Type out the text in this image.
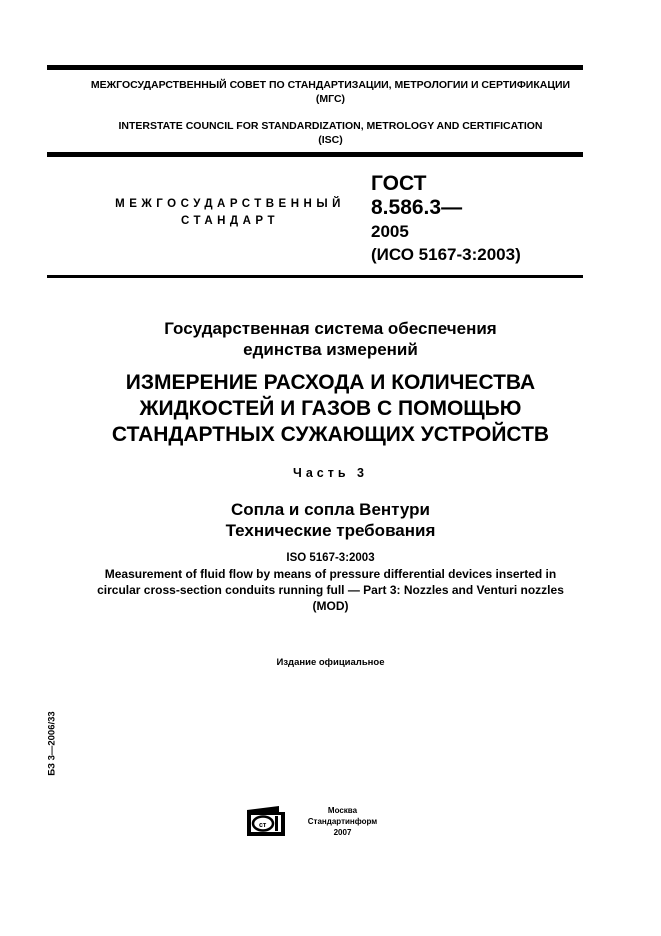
МЕЖГОСУДАРСТВЕННЫЙ СОВЕТ ПО СТАНДАРТИЗАЦИИ, МЕТРОЛОГИИ И СЕРТИФИКАЦИИ
(МГС)
INTERSTATE COUNCIL FOR STANDARDIZATION, METROLOGY AND CERTIFICATION
(ISC)
МЕЖГОСУДАРСТВЕННЫЙ
СТАНДАРТ
ГОСТ
8.586.3—
2005
(ИСО 5167-3:2003)
Государственная система обеспечения
единства измерений
ИЗМЕРЕНИЕ РАСХОДА И КОЛИЧЕСТВА
ЖИДКОСТЕЙ И ГАЗОВ С ПОМОЩЬЮ
СТАНДАРТНЫХ СУЖАЮЩИХ УСТРОЙСТВ
Часть 3
Сопла и сопла Вентури
Технические требования
ISO 5167-3:2003
Measurement of fluid flow by means of pressure differential devices inserted in
circular cross-section conduits running full — Part 3: Nozzles and Venturi nozzles
(MOD)
Издание официальное
БЗ 3—2006/33
ст
Москва
Стандартинформ
2007
